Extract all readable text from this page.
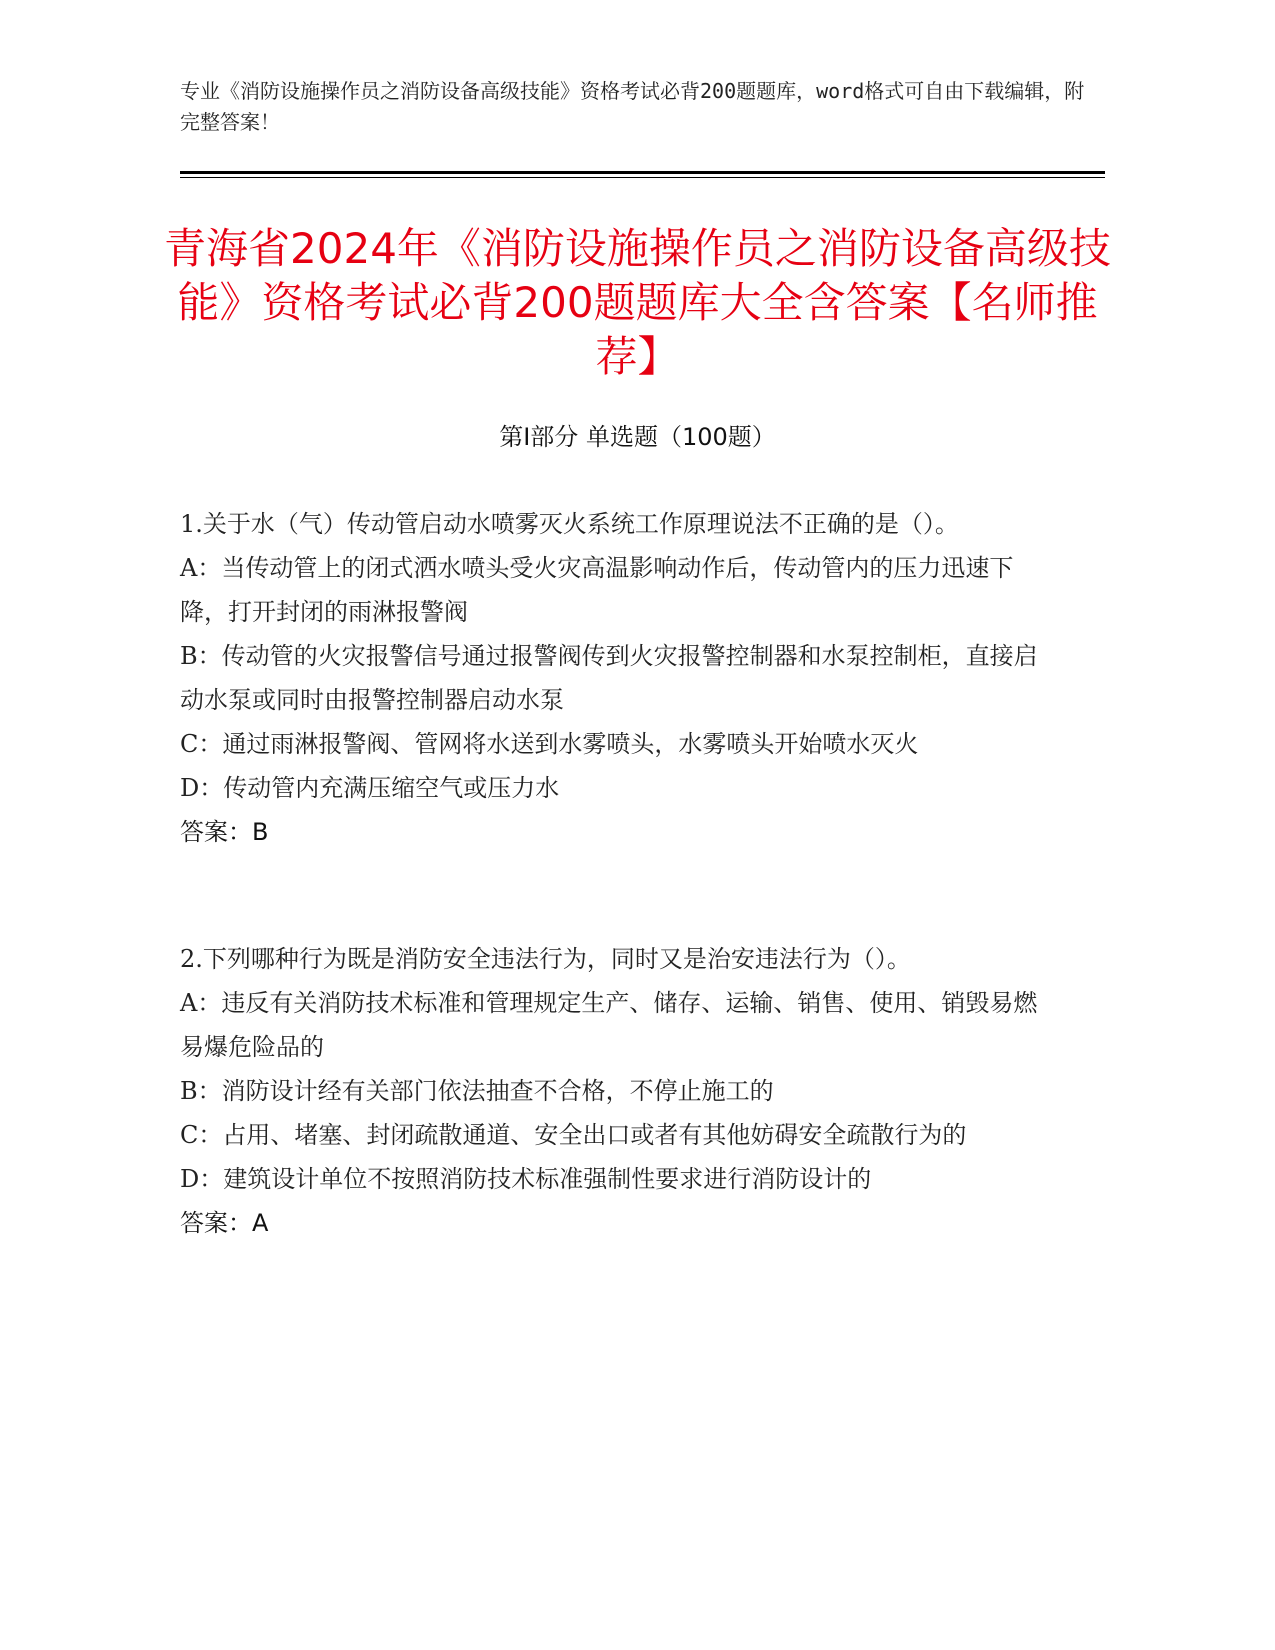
专业《消防设施操作员之消防设备高级技能》资格考试必背200题题库，word格式可自由下载编辑，附完整答案！
青海省2024年《消防设施操作员之消防设备高级技能》资格考试必背200题题库大全含答案【名师推荐】
第I部分 单选题（100题）
1.关于水（气）传动管启动水喷雾灭火系统工作原理说法不正确的是（）。
A：当传动管上的闭式洒水喷头受火灾高温影响动作后，传动管内的压力迅速下降，打开封闭的雨淋报警阀
B：传动管的火灾报警信号通过报警阀传到火灾报警控制器和水泵控制柜，直接启动水泵或同时由报警控制器启动水泵
C：通过雨淋报警阀、管网将水送到水雾喷头，水雾喷头开始喷水灭火
D：传动管内充满压缩空气或压力水
答案：B
2.下列哪种行为既是消防安全违法行为，同时又是治安违法行为（）。
A：违反有关消防技术标准和管理规定生产、储存、运输、销售、使用、销毁易燃易爆危险品的
B：消防设计经有关部门依法抽查不合格，不停止施工的
C：占用、堵塞、封闭疏散通道、安全出口或者有其他妨碍安全疏散行为的
D：建筑设计单位不按照消防技术标准强制性要求进行消防设计的
答案：A
